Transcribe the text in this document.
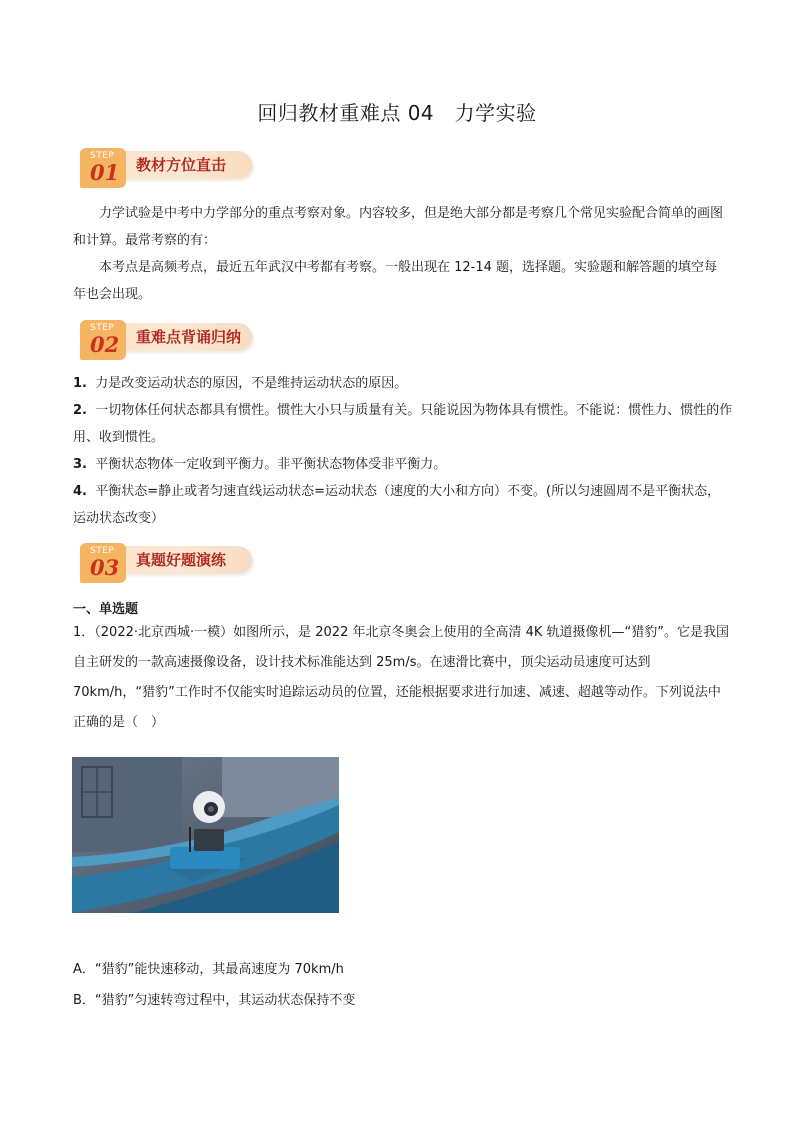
回归教材重难点 04　力学实验
STEP
01 教材方位直击

力学试验是中考中力学部分的重点考察对象。内容较多，但是绝大部分都是考察几个常见实验配合简单的画图和计算。最常考察的有：

本考点是高频考点，最近五年武汉中考都有考察。一般出现在 12-14 题，选择题。实验题和解答题的填空每年也会出现。

STEP
02 重难点背诵归纳

1. 力是改变运动状态的原因，不是维持运动状态的原因。

2. 一切物体任何状态都具有惯性。惯性大小只与质量有关。只能说因为物体具有惯性。不能说：惯性力、惯性的作用、收到惯性。

3. 平衡状态物体一定收到平衡力。非平衡状态物体受非平衡力。

4. 平衡状态=静止或者匀速直线运动状态=运动状态（速度的大小和方向）不变。(所以匀速圆周不是平衡状态，运动状态改变）

STEP
03 真题好题演练
一、单选题

1．（2022·北京西城·一模）如图所示，是 2022 年北京冬奥会上使用的全高清 4K 轨道摄像机—“猎豹”。它是我国自主研发的一款高速摄像设备，设计技术标准能达到 25m/s。在速滑比赛中，顶尖运动员速度可达到 70km/h，“猎豹”工作时不仅能实时追踪运动员的位置，还能根据要求进行加速、减速、超越等动作。下列说法中正确的是（　）

A．“猎豹”能快速移动，其最高速度为 70km/h
B．“猎豹”匀速转弯过程中，其运动状态保持不变
